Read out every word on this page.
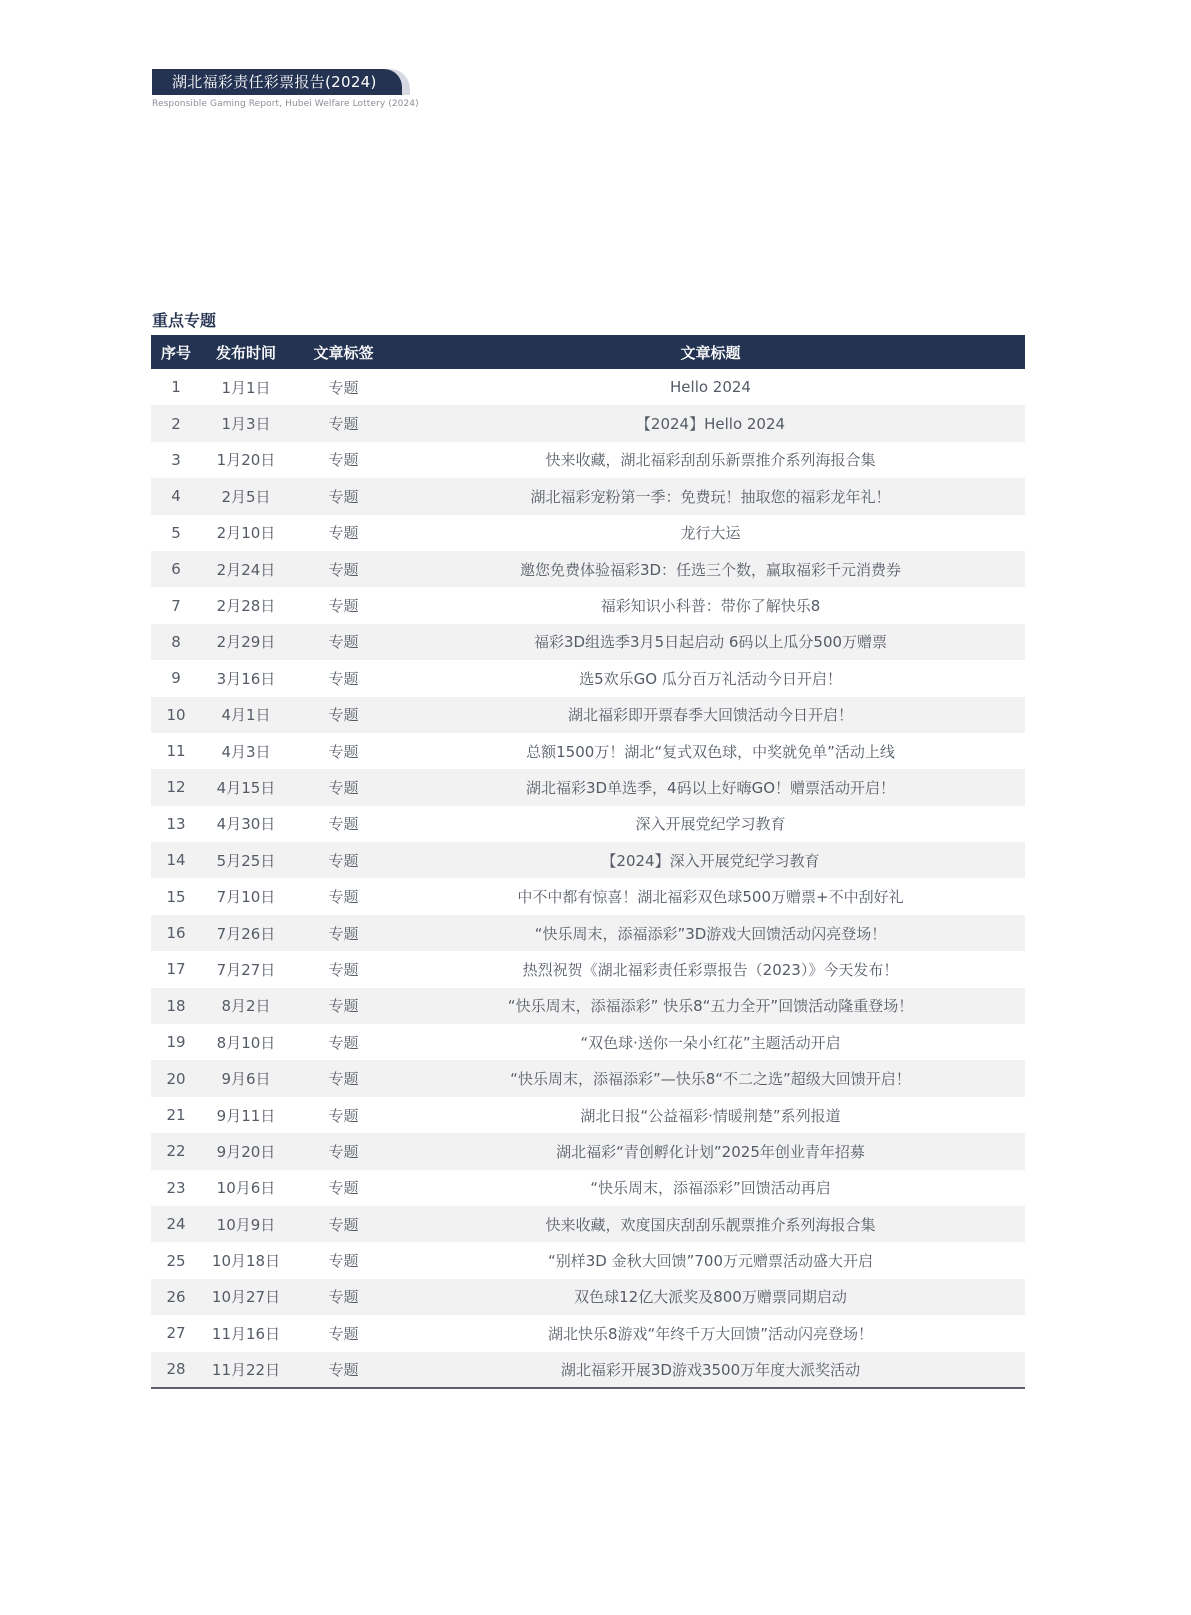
湖北福彩责任彩票报告(2024)
Responsible Gaming Report, Hubei Welfare Lottery (2024)
重点专题
序号	发布时间	文章标签	文章标题
1	1月1日	专题	Hello 2024
2	1月3日	专题	【2024】Hello 2024
3	1月20日	专题	快来收藏，湖北福彩刮刮乐新票推介系列海报合集
4	2月5日	专题	湖北福彩宠粉第一季：免费玩！抽取您的福彩龙年礼！
5	2月10日	专题	龙行大运
6	2月24日	专题	邀您免费体验福彩3D：任选三个数，赢取福彩千元消费券
7	2月28日	专题	福彩知识小科普：带你了解快乐8
8	2月29日	专题	福彩3D组选季3月5日起启动 6码以上瓜分500万赠票
9	3月16日	专题	选5欢乐GO 瓜分百万礼活动今日开启！
10	4月1日	专题	湖北福彩即开票春季大回馈活动今日开启！
11	4月3日	专题	总额1500万！湖北“复式双色球，中奖就免单”活动上线
12	4月15日	专题	湖北福彩3D单选季，4码以上好嗨GO！赠票活动开启！
13	4月30日	专题	深入开展党纪学习教育
14	5月25日	专题	【2024】深入开展党纪学习教育
15	7月10日	专题	中不中都有惊喜！湖北福彩双色球500万赠票+不中刮好礼
16	7月26日	专题	“快乐周末，添福添彩”3D游戏大回馈活动闪亮登场！
17	7月27日	专题	热烈祝贺《湖北福彩责任彩票报告（2023）》今天发布！
18	8月2日	专题	“快乐周末，添福添彩” 快乐8“五力全开”回馈活动隆重登场！
19	8月10日	专题	“双色球·送你一朵小红花”主题活动开启
20	9月6日	专题	“快乐周末，添福添彩”—快乐8“不二之选”超级大回馈开启！
21	9月11日	专题	湖北日报“公益福彩·情暖荆楚”系列报道
22	9月20日	专题	湖北福彩“青创孵化计划”2025年创业青年招募
23	10月6日	专题	“快乐周末，添福添彩”回馈活动再启
24	10月9日	专题	快来收藏，欢度国庆刮刮乐靓票推介系列海报合集
25	10月18日	专题	“别样3D 金秋大回馈”700万元赠票活动盛大开启
26	10月27日	专题	双色球12亿大派奖及800万赠票同期启动
27	11月16日	专题	湖北快乐8游戏“年终千万大回馈”活动闪亮登场！
28	11月22日	专题	湖北福彩开展3D游戏3500万年度大派奖活动
